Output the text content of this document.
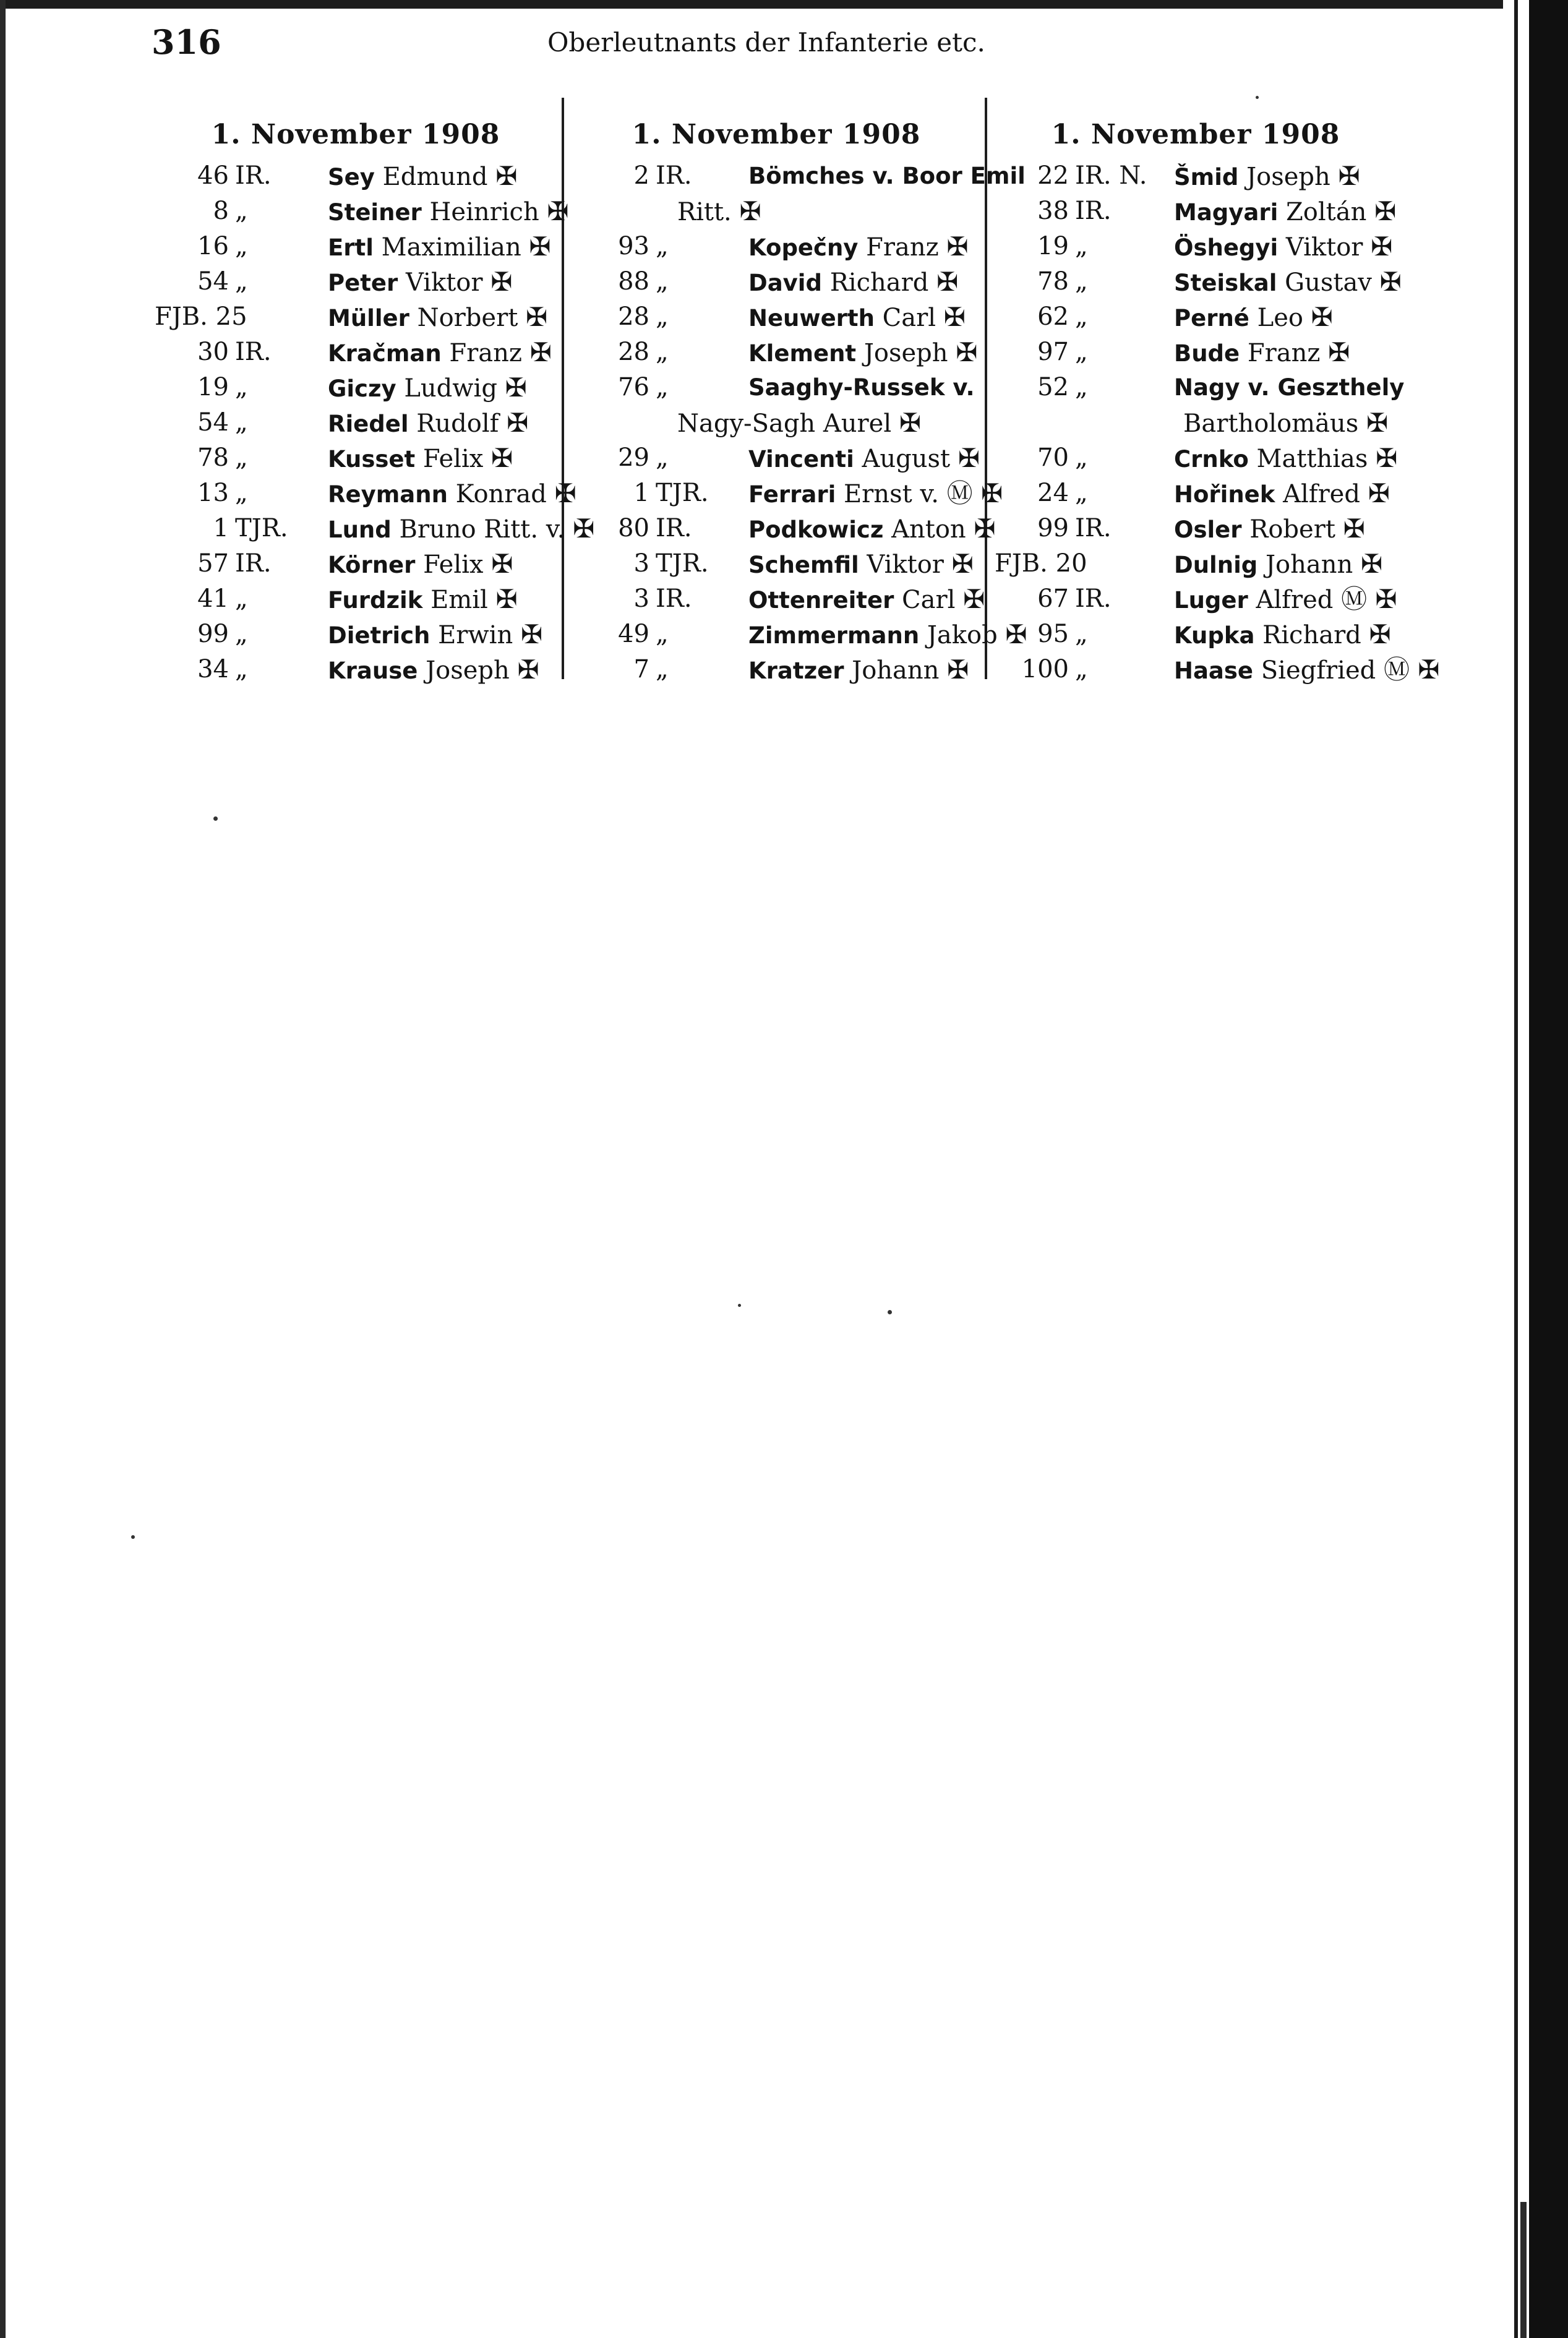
316	Oberleutnants der Infanterie etc.
1. November 1908
46 IR. Sey Edmund ✠
8 „	Steiner Heinrich ✠
16 „	Ertl Maximilian ✠
54 „	Peter Viktor ✠
FJB. 25	Müller Norbert ✠
30 IR. Kračman Franz ✠
19 „	Giczy Ludwig ✠
54 „	Riedel Rudolf ✠
78 „	Kusset Felix ✠
13 „	Reymann Konrad ✠
1 TJR. Lund Bruno Ritt. v. ✠
57 IR. Körner Felix ✠
41 „	Furdzik Emil ✠
99 „	Dietrich Erwin ✠
34 „	Krause Joseph ✠
1. November 1908
2 IR. Bömches v. Boor Emil
Ritt. ✠
93 „	Kopečny Franz ✠
88 „	David Richard ✠
28 „	Neuwerth Carl ✠
28 „	Klement Joseph ✠
76 „	Saaghy-Russek v.
Nagy-Sagh Aurel ✠
29 „	Vincenti August ✠
1 TJR. Ferrari Ernst v. Ⓜ ✠
80 IR. Podkowicz Anton ✠
3 TJR. Schemfil Viktor ✠
3 IR. Ottenreiter Carl ✠
49 „	Zimmermann Jakob ✠
7 „	Kratzer Johann ✠
1. November 1908
22 IR. N. Šmid Joseph ✠
38 IR.	Magyari Zoltán ✠
19 „	Öshegyi Viktor ✠
78 „	Steiskal Gustav ✠
62 „	Perné Leo ✠
97 „	Bude Franz ✠
52 „	Nagy v. Geszthely
Bartholomäus ✠
70 „	Crnko Matthias ✠
24 „	Hořinek Alfred ✠
99 IR.	Osler Robert ✠
FJB. 20	Dulnig Johann ✠
67 IR.	Luger Alfred Ⓜ ✠
95 „	Kupka Richard ✠
100 „	Haase Siegfried Ⓜ ✠
